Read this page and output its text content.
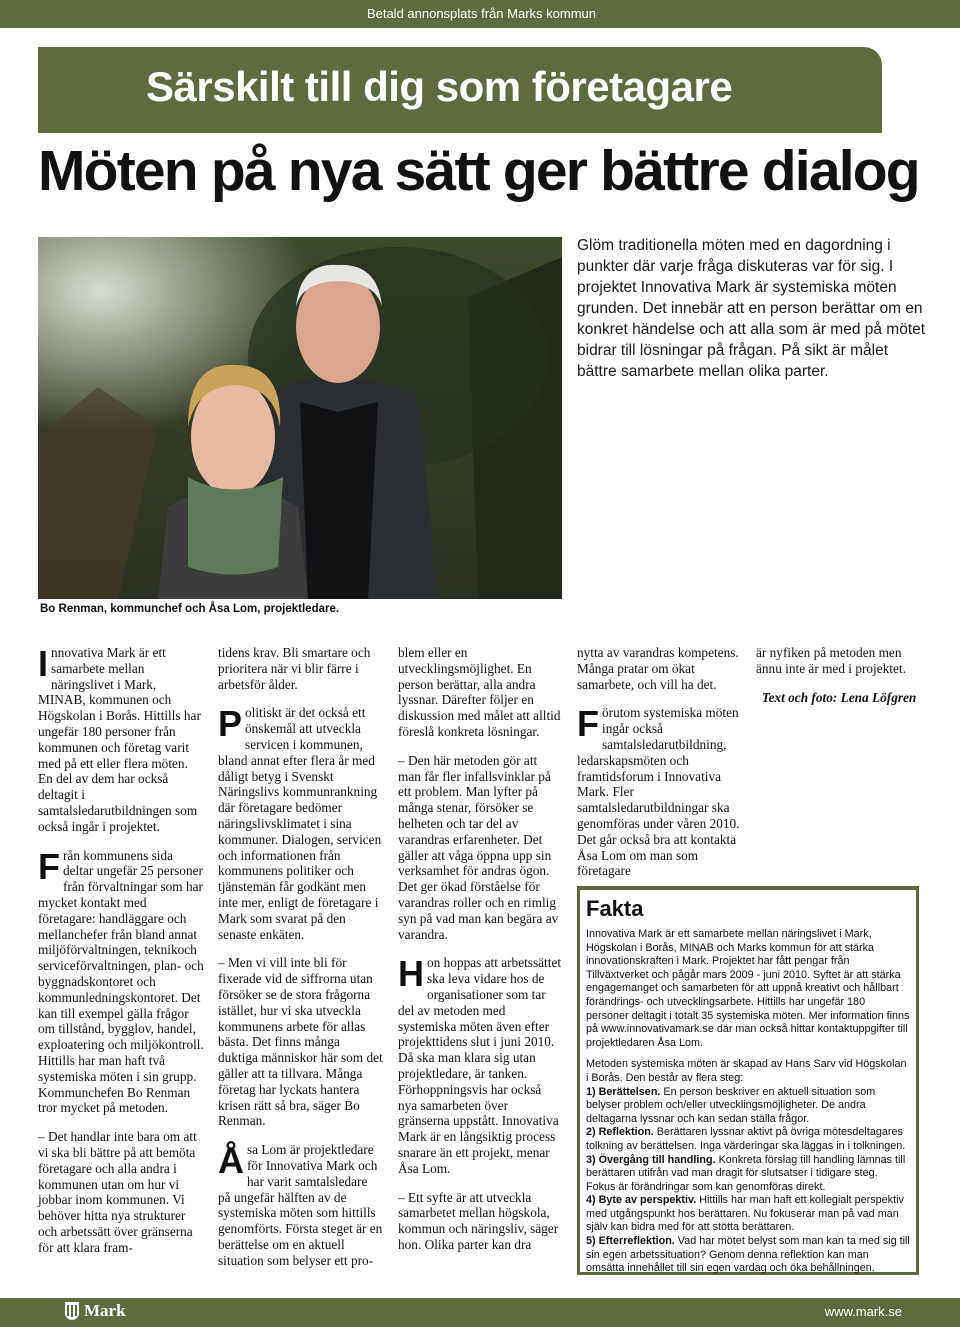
Betald annonsplats från Marks kommun
Särskilt till dig som företagare
Möten på nya sätt ger bättre dialog
Bo Renman, kommunchef och Åsa Lom, projektledare.

Glöm traditionella möten med en dagordning i punkter där varje fråga diskuteras var för sig. I projektet Innovativa Mark är systemiska möten grunden. Det innebär att en person berättar om en konkret händelse och att alla som är med på mötet bidrar till lösningar på frågan. På sikt är målet bättre samarbete mellan olika parter.

Innovativa Mark är ett samarbete mellan näringslivet i Mark, MINAB, kommunen och Högskolan i Borås. Hittills har ungefär 180 personer från kommunen och företag varit med på ett eller flera möten. En del av dem har också deltagit i samtalsledarutbildningen som också ingår i projektet.

Från kommunens sida deltar ungefär 25 personer från förvaltningar som har mycket kontakt med företagare: handläggare och mellanchefer från bland annat miljöförvaltningen, teknikoch serviceförvaltningen, plan- och byggnadskontoret och kommunledningskontoret. Det kan till exempel gälla frågor om tillstånd, bygglov, handel, exploatering och miljökontroll. Hittills har man haft två systemiska möten i sin grupp. Kommunchefen Bo Renman tror mycket på metoden.

– Det handlar inte bara om att vi ska bli bättre på att bemöta företagare och alla andra i kommunen utan om hur vi jobbar inom kommunen. Vi behöver hitta nya strukturer och arbetssätt över gränserna för att klara fram-

tidens krav. Bli smartare och prioritera när vi blir färre i arbetsför ålder.

Politiskt är det också ett önskemål att utveckla servicen i kommunen, bland annat efter flera år med dåligt betyg i Svenskt Näringslivs kommunrankning där företagare bedömer näringslivsklimatet i sina kommuner. Dialogen, servicen och informationen från kommunens politiker och tjänstemän får godkänt men inte mer, enligt de företagare i Mark som svarat på den senaste enkäten.

– Men vi vill inte bli för fixerade vid de siffrorna utan försöker se de stora frågorna istället, hur vi ska utveckla kommunens arbete för allas bästa. Det finns många duktiga människor här som det gäller att ta tillvara. Många företag har lyckats hantera krisen rätt så bra, säger Bo Renman.

Åsa Lom är projektledare för Innovativa Mark och har varit samtalsledare på ungefär hälften av de systemiska möten som hittills genomförts. Första steget är en berättelse om en aktuell situation som belyser ett pro-

blem eller en utvecklingsmöjlighet. En person berättar, alla andra lyssnar. Därefter följer en diskussion med målet att alltid föreslå konkreta lösningar.

– Den här metoden gör att man får fler infallsvinklar på ett problem. Man lyfter på många stenar, försöker se helheten och tar del av varandras erfarenheter. Det gäller att våga öppna upp sin verksamhet för andras ögon. Det ger ökad förståelse för varandras roller och en rimlig syn på vad man kan begära av varandra.

Hon hoppas att arbetssättet ska leva vidare hos de organisationer som tar del av metoden med systemiska möten även efter projekttidens slut i juni 2010. Då ska man klara sig utan projektledare, är tanken. Förhoppningsvis har också nya samarbeten över gränserna uppstått. Innovativa Mark är en långsiktig process snarare än ett projekt, menar Åsa Lom.

– Ett syfte är att utveckla samarbetet mellan högskola, kommun och näringsliv, säger hon. Olika parter kan dra

nytta av varandras kompetens. Många pratar om ökat samarbete, och vill ha det.

Förutom systemiska möten ingår också samtalsledarutbildning, ledarskapsmöten och framtidsforum i Innovativa Mark. Fler samtalsledarutbildningar ska genomföras under våren 2010. Det går också bra att kontakta Åsa Lom om man som företagare

är nyfiken på metoden men ännu inte är med i projektet.

Text och foto: Lena Löfgren

Fakta

Innovativa Mark är ett samarbete mellan näringslivet i Mark, Högskolan i Borås, MINAB och Marks kommun för att stärka innovationskraften i Mark. Projektet har fått pengar från Tillväxtverket och pågår mars 2009 - juni 2010. Syftet är att stärka engagemanget och samarbeten för att uppnå kreativt och hållbart förändrings- och utvecklingsarbete. Hittills har ungefär 180 personer deltagit i totalt 35 systemiska möten. Mer information finns på www.innovativamark.se där man också hittar kontaktuppgifter till projektledaren Åsa Lom.

Metoden systemiska möten är skapad av Hans Sarv vid Högskolan i Borås. Den består av flera steg:

1) Berättelsen. En person beskriver en aktuell situation som belyser problem och/eller utvecklingsmöjligheter. De andra deltagarna lyssnar och kan sedan ställa frågor.

2) Reflektion. Berättaren lyssnar aktivt på övriga mötesdeltagares tolkning av berättelsen. Inga värderingar ska läggas in i tolkningen.

3) Övergång till handling. Konkreta förslag till handling lämnas till berättaren utifrån vad man dragit för slutsatser i tidigare steg. Fokus är förändringar som kan genomföras direkt.

4) Byte av perspektiv. Hittills har man haft ett kollegialt perspektiv med utgångspunkt hos berättaren. Nu fokuserar man på vad man själv kan bidra med för att stötta berättaren.

5) Efterreflektion. Vad har mötet belyst som man kan ta med sig till sin egen arbetssituation? Genom denna reflektion kan man omsätta innehållet till sin egen vardag och öka behållningen.

Mark	www.mark.se
